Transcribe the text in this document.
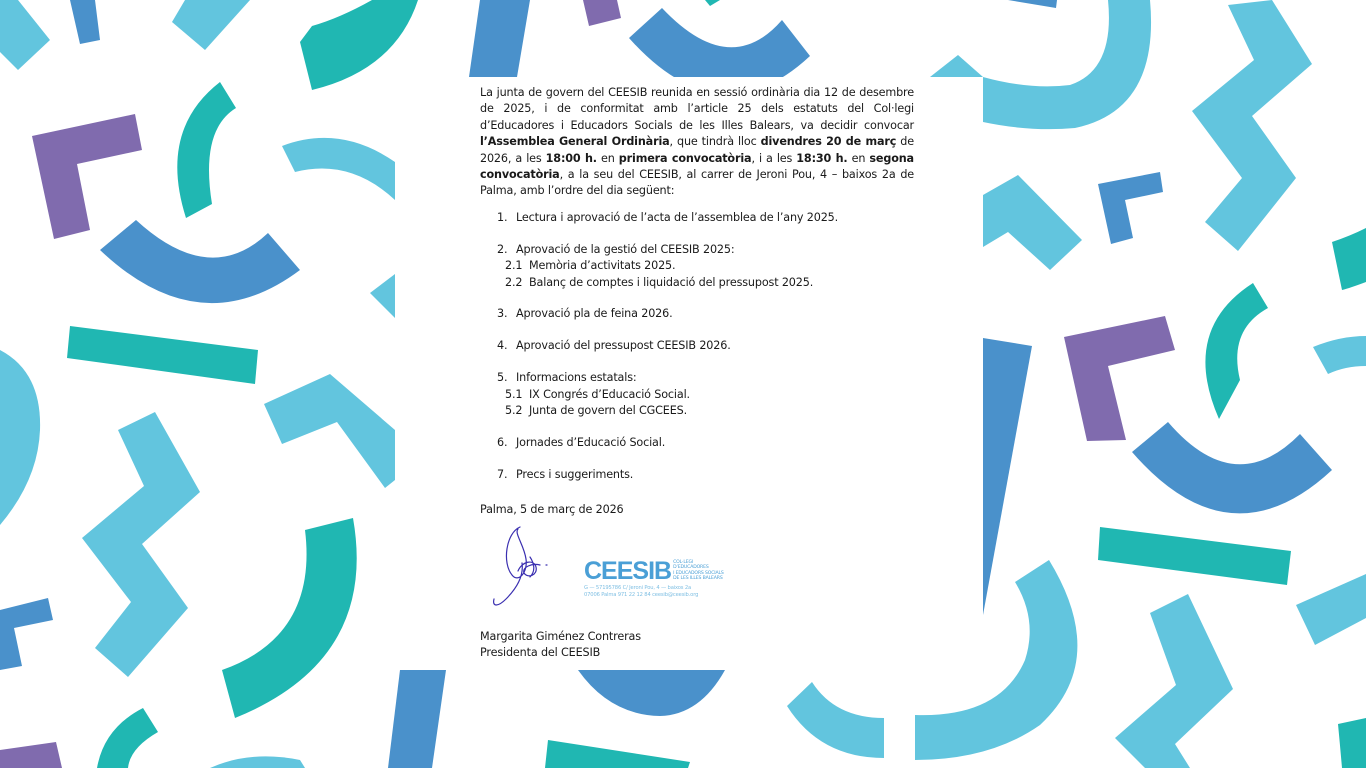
La junta de govern del CEESIB reunida en sessió ordinària dia 12 de desembre de 2025, i de conformitat amb l’article 25 dels estatuts del Col·legi d’Educadores i Educadors Socials de les Illes Balears, va decidir convocar l’Assemblea General Ordinària, que tindrà lloc divendres 20 de març de 2026, a les 18:00 h. en primera convocatòria, i a les 18:30 h. en segona convocatòria, a la seu del CEESIB, al carrer de Jeroni Pou, 4 – baixos 2a de Palma, amb l’ordre del dia següent:

1. Lectura i aprovació de l’acta de l’assemblea de l’any 2025.
2. Aprovació de la gestió del CEESIB 2025:
2.1 Memòria d’activitats 2025.
2.2 Balanç de comptes i liquidació del pressupost 2025.
3. Aprovació pla de feina 2026.
4. Aprovació del pressupost CEESIB 2026.
5. Informacions estatals:
5.1 IX Congrés d’Educació Social.
5.2 Junta de govern del CGCEES.
6. Jornades d’Educació Social.
7. Precs i suggeriments.
Palma, 5 de març de 2026
CEESIB COL·LEGI
D’EDUCADORES
I EDUCADORS SOCIALS
DE LES ILLES BALEARS
G — 57195786 C/ Jeroni Pou, 4 — baixos 2a
07006 Palma 971 22 12 84 ceesib@ceesib.org
Margarita Giménez Contreras
Presidenta del CEESIB
